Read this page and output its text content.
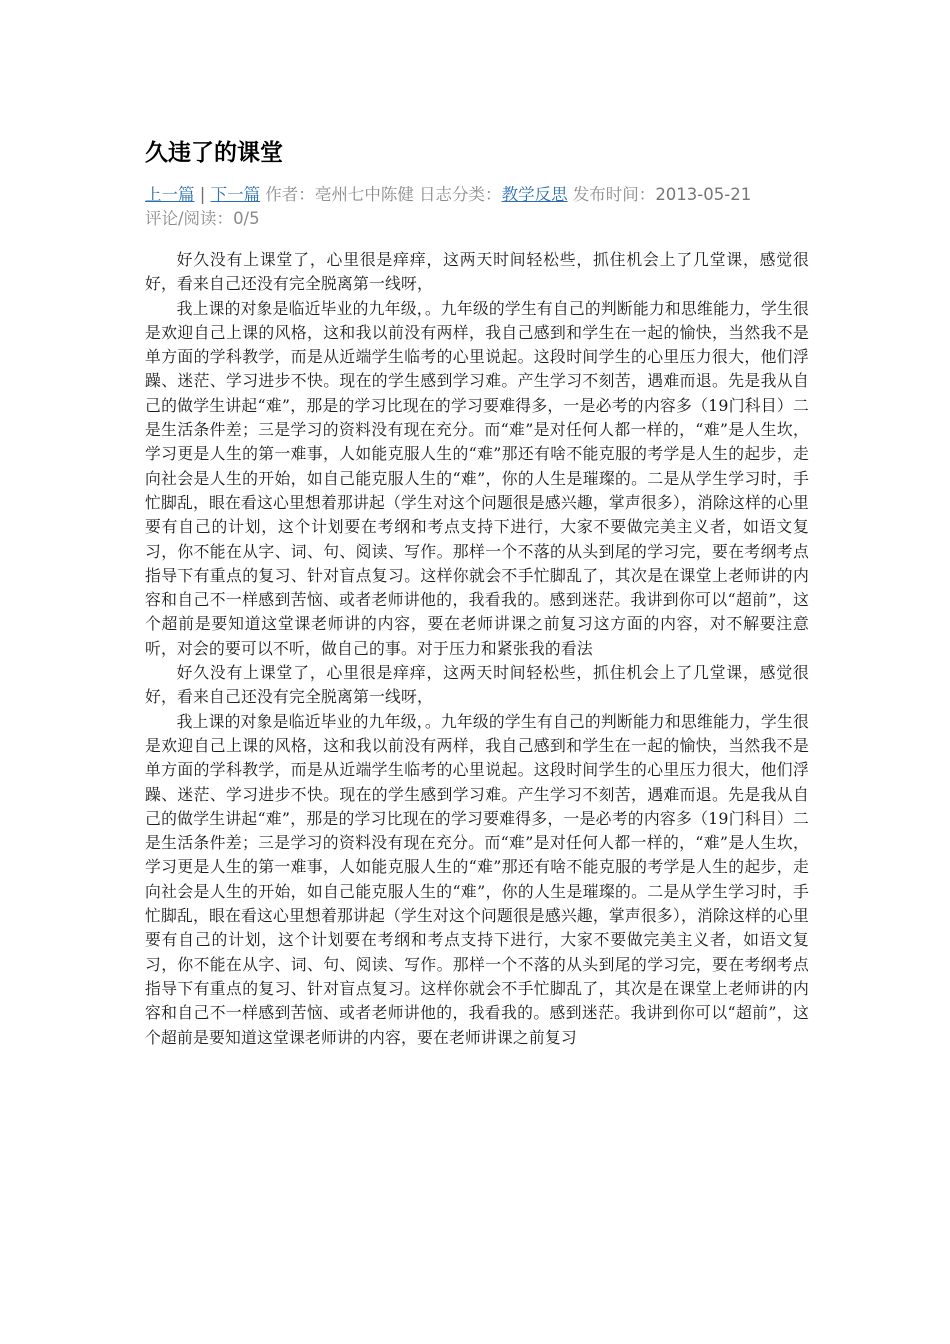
久违了的课堂
上一篇 | 下一篇 作者：亳州七中陈健 日志分类：教学反思 发布时间：2013-05-21
评论/阅读：0/5

好久没有上课堂了，心里很是痒痒，这两天时间轻松些，抓住机会上了几堂课，感觉很好，看来自己还没有完全脱离第一线呀，

我上课的对象是临近毕业的九年级，。九年级的学生有自己的判断能力和思维能力，学生很是欢迎自己上课的风格，这和我以前没有两样，我自己感到和学生在一起的愉快，当然我不是单方面的学科教学，而是从近端学生临考的心里说起。这段时间学生的心里压力很大，他们浮躁、迷茫、学习进步不快。现在的学生感到学习难。产生学习不刻苦，遇难而退。先是我从自己的做学生讲起“难”，那是的学习比现在的学习要难得多，一是必考的内容多（19门科目）二是生活条件差；三是学习的资料没有现在充分。而“难”是对任何人都一样的，“难”是人生坎，学习更是人生的第一难事，人如能克服人生的“难”那还有啥不能克服的考学是人生的起步，走向社会是人生的开始，如自己能克服人生的“难”，你的人生是璀璨的。二是从学生学习时，手忙脚乱，眼在看这心里想着那讲起（学生对这个问题很是感兴趣，掌声很多），消除这样的心里要有自己的计划，这个计划要在考纲和考点支持下进行，大家不要做完美主义者，如语文复习，你不能在从字、词、句、阅读、写作。那样一个不落的从头到尾的学习完，要在考纲考点指导下有重点的复习、针对盲点复习。这样你就会不手忙脚乱了，其次是在课堂上老师讲的内容和自己不一样感到苦恼、或者老师讲他的，我看我的。感到迷茫。我讲到你可以“超前”，这个超前是要知道这堂课老师讲的内容，要在老师讲课之前复习这方面的内容，对不解要注意听，对会的要可以不听，做自己的事。对于压力和紧张我的看法

好久没有上课堂了，心里很是痒痒，这两天时间轻松些，抓住机会上了几堂课，感觉很好，看来自己还没有完全脱离第一线呀，

我上课的对象是临近毕业的九年级，。九年级的学生有自己的判断能力和思维能力，学生很是欢迎自己上课的风格，这和我以前没有两样，我自己感到和学生在一起的愉快，当然我不是单方面的学科教学，而是从近端学生临考的心里说起。这段时间学生的心里压力很大，他们浮躁、迷茫、学习进步不快。现在的学生感到学习难。产生学习不刻苦，遇难而退。先是我从自己的做学生讲起“难”，那是的学习比现在的学习要难得多，一是必考的内容多（19门科目）二是生活条件差；三是学习的资料没有现在充分。而“难”是对任何人都一样的，“难”是人生坎，学习更是人生的第一难事，人如能克服人生的“难”那还有啥不能克服的考学是人生的起步，走向社会是人生的开始，如自己能克服人生的“难”，你的人生是璀璨的。二是从学生学习时，手忙脚乱，眼在看这心里想着那讲起（学生对这个问题很是感兴趣，掌声很多），消除这样的心里要有自己的计划，这个计划要在考纲和考点支持下进行，大家不要做完美主义者，如语文复习，你不能在从字、词、句、阅读、写作。那样一个不落的从头到尾的学习完，要在考纲考点指导下有重点的复习、针对盲点复习。这样你就会不手忙脚乱了，其次是在课堂上老师讲的内容和自己不一样感到苦恼、或者老师讲他的，我看我的。感到迷茫。我讲到你可以“超前”，这个超前是要知道这堂课老师讲的内容，要在老师讲课之前复习
